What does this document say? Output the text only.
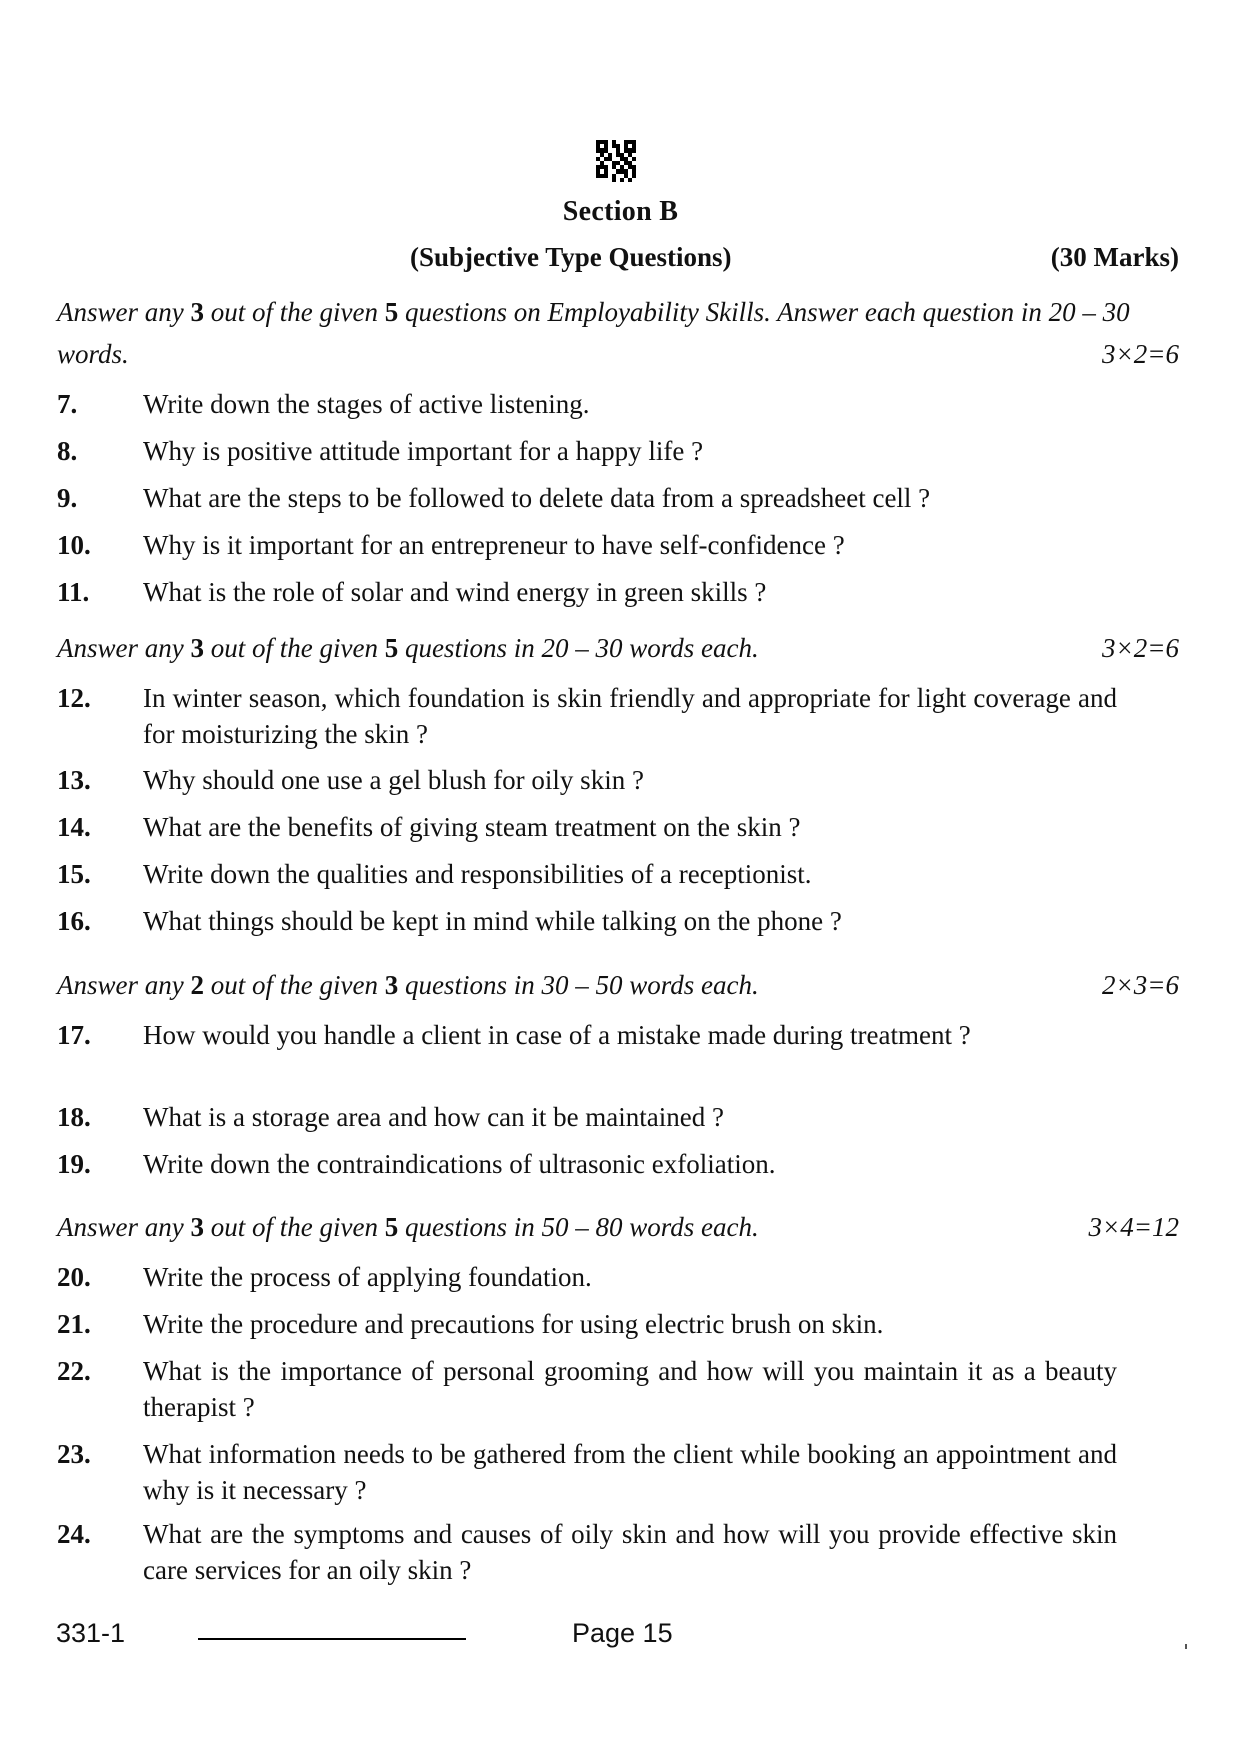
Section B
(Subjective Type Questions)	(30 Marks)
Answer any 3 out of the given 5 questions on Employability Skills. Answer each question in 20 – 30 words.	3×2=6
7. Write down the stages of active listening.
8. Why is positive attitude important for a happy life ?
9. What are the steps to be followed to delete data from a spreadsheet cell ?
10. Why is it important for an entrepreneur to have self-confidence ?
11. What is the role of solar and wind energy in green skills ?
Answer any 3 out of the given 5 questions in 20 – 30 words each.	3×2=6
12. In winter season, which foundation is skin friendly and appropriate for light coverage and for moisturizing the skin ?
13. Why should one use a gel blush for oily skin ?
14. What are the benefits of giving steam treatment on the skin ?
15. Write down the qualities and responsibilities of a receptionist.
16. What things should be kept in mind while talking on the phone ?
Answer any 2 out of the given 3 questions in 30 – 50 words each.	2×3=6
17. How would you handle a client in case of a mistake made during treatment ?
18. What is a storage area and how can it be maintained ?
19. Write down the contraindications of ultrasonic exfoliation.
Answer any 3 out of the given 5 questions in 50 – 80 words each.	3×4=12
20. Write the process of applying foundation.
21. Write the procedure and precautions for using electric brush on skin.
22. What is the importance of personal grooming and how will you maintain it as a beauty therapist ?
23. What information needs to be gathered from the client while booking an appointment and why is it necessary ?
24. What are the symptoms and causes of oily skin and how will you provide effective skin care services for an oily skin ?
331-1	Page 15
